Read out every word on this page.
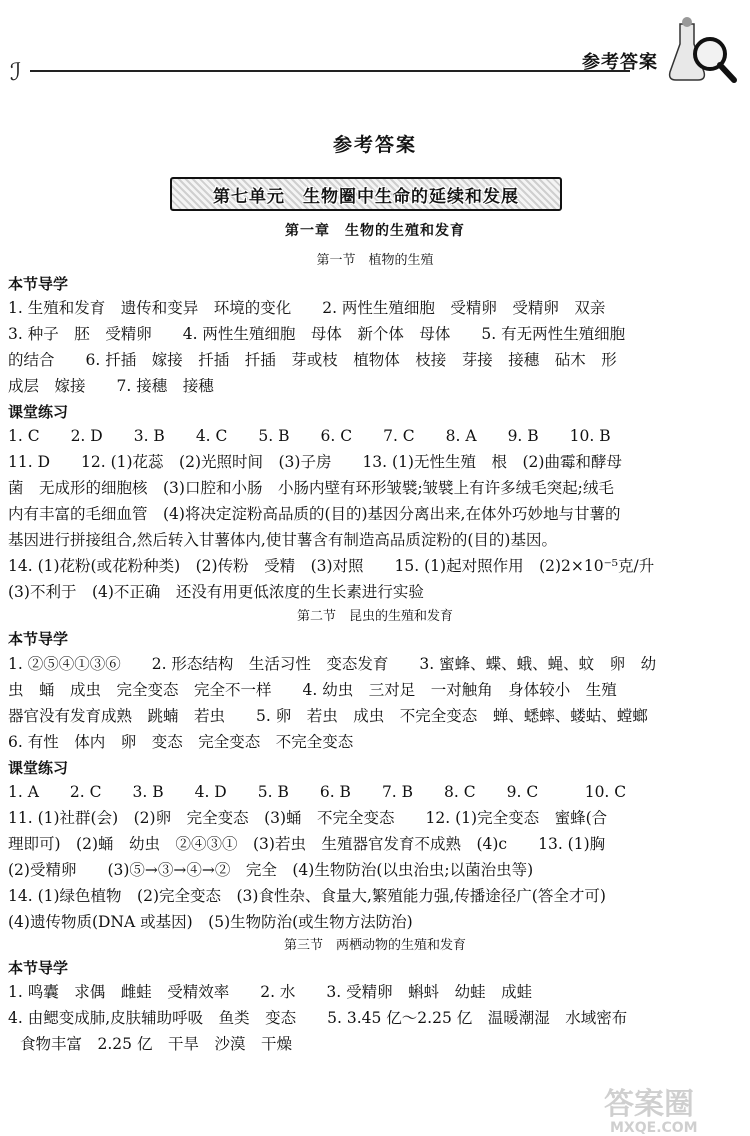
ℐ	参考答案
参考答案
第七单元　生物圈中生命的延续和发展
第一章　生物的生殖和发育
第一节　植物的生殖
本节导学
1. 生殖和发育　遗传和变异　环境的变化　　2. 两性生殖细胞　受精卵　受精卵　双亲
3. 种子　胚　受精卵　　4. 两性生殖细胞　母体　新个体　母体　　5. 有无两性生殖细胞
的结合　　6. 扦插　嫁接　扦插　扦插　芽或枝　植物体　枝接　芽接　接穗　砧木　形
成层　嫁接　　7. 接穗　接穗
课堂练习
1. C　　2. D　　3. B　　4. C　　5. B　　6. C　　7. C　　8. A　　9. B　　10. B
11. D　　12. (1)花蕊　(2)光照时间　(3)子房　　13. (1)无性生殖　根　(2)曲霉和酵母
菌　无成形的细胞核　(3)口腔和小肠　小肠内壁有环形皱襞;皱襞上有许多绒毛突起;绒毛
内有丰富的毛细血管　(4)将决定淀粉高品质的(目的)基因分离出来,在体外巧妙地与甘薯的
基因进行拼接组合,然后转入甘薯体内,使甘薯含有制造高品质淀粉的(目的)基因。
14. (1)花粉(或花粉种类)　(2)传粉　受精　(3)对照　　15. (1)起对照作用　(2)2×10⁻⁵克/升
(3)不利于　(4)不正确　还没有用更低浓度的生长素进行实验
第二节　昆虫的生殖和发育
本节导学
1. ②⑤④①③⑥　　2. 形态结构　生活习性　变态发育　　3. 蜜蜂、蝶、蛾、蝇、蚊　卵　幼
虫　蛹　成虫　完全变态　完全不一样　　4. 幼虫　三对足　一对触角　身体较小　生殖
器官没有发育成熟　跳蝻　若虫　　5. 卵　若虫　成虫　不完全变态　蝉、蟋蟀、蝼蛄、螳螂
6. 有性　体内　卵　变态　完全变态　不完全变态
课堂练习
1. A　　2. C　　3. B　　4. D　　5. B　　6. B　　7. B　　8. C　　9. C　　　10. C
11. (1)社群(会)　(2)卵　完全变态　(3)蛹　不完全变态　　12. (1)完全变态　蜜蜂(合
理即可)　(2)蛹　幼虫　②④③①　(3)若虫　生殖器官发育不成熟　(4)c　　13. (1)胸
(2)受精卵　　(3)⑤→③→④→②　完全　(4)生物防治(以虫治虫;以菌治虫等)
14. (1)绿色植物　(2)完全变态　(3)食性杂、食量大,繁殖能力强,传播途径广(答全才可)
(4)遗传物质(DNA 或基因)　(5)生物防治(或生物方法防治)
第三节　两栖动物的生殖和发育
本节导学
1. 鸣囊　求偶　雌蛙　受精效率　　2. 水　　3. 受精卵　蝌蚪　幼蛙　成蛙
4. 由鳃变成肺,皮肤辅助呼吸　鱼类　变态　　5. 3.45 亿～2.25 亿　温暖潮湿　水域密布
食物丰富　2.25 亿　干旱　沙漠　干燥
答案圈
MXQE.COM
